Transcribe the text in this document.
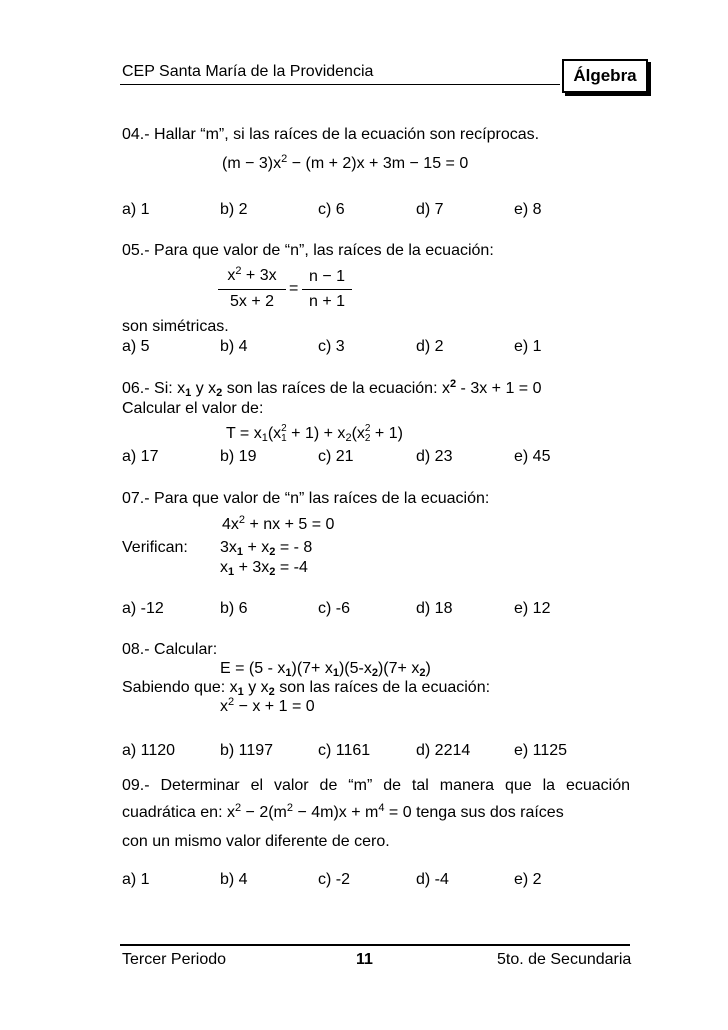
CEP Santa María de la Providencia	Álgebra
04.- Hallar “m”, si las raíces de la ecuación son recíprocas.
$(m - 3)x^2 - (m + 2)x + 3m - 15 = 0$
a) 1	b) 2	c) 6	d) 7	e) 8
05.- Para que valor de “n”, las raíces de la ecuación:
$x^2 + 3x$
5x + 2
=
n − 1
n + 1
son simétricas.
a) 5	b) 4	c) 3	d) 2	e) 1
06.- Si: $x_1$ y $x_2$ son las raíces de la ecuación: $x^2 - 3x + 1 = 0$
Calcular el valor de:
$T = x_1(x$ 2
$1 + 1) + x_2(x$ 2
2 + 1)
a) 17	b) 19	c) 21	d) 23	e) 45
07.- Para que valor de “n” las raíces de la ecuación:
$4x^2$ + nx + 5 = 0
Verifican: $3x_1 + x_2$ = - 8
$x_1 + 3x_2 = -4$
a) -12	b) 6	c) -6	d) 18	e) 12
08.- Calcular:
$E = (5 - x_1)(7+ x_1)(5-x_2)(7+ x_2)$
Sabiendo que: $x_1$ y $x_2$ son las raíces de la ecuación:
$x^2 - x + 1 = 0$
a) 1120	b) 1197	c) 1161	d) 2214	e) 1125
09.- Determinar el valor de “m” de tal manera que la ecuación
cuadrática en: $x^2 - 2(m^2 - 4m)x + m^4 = 0$ tenga sus dos raíces
con un mismo valor diferente de cero.
a) 1	b) 4	c) -2	d) -4	e) 2
Tercer Periodo	11	5to. de Secundaria
